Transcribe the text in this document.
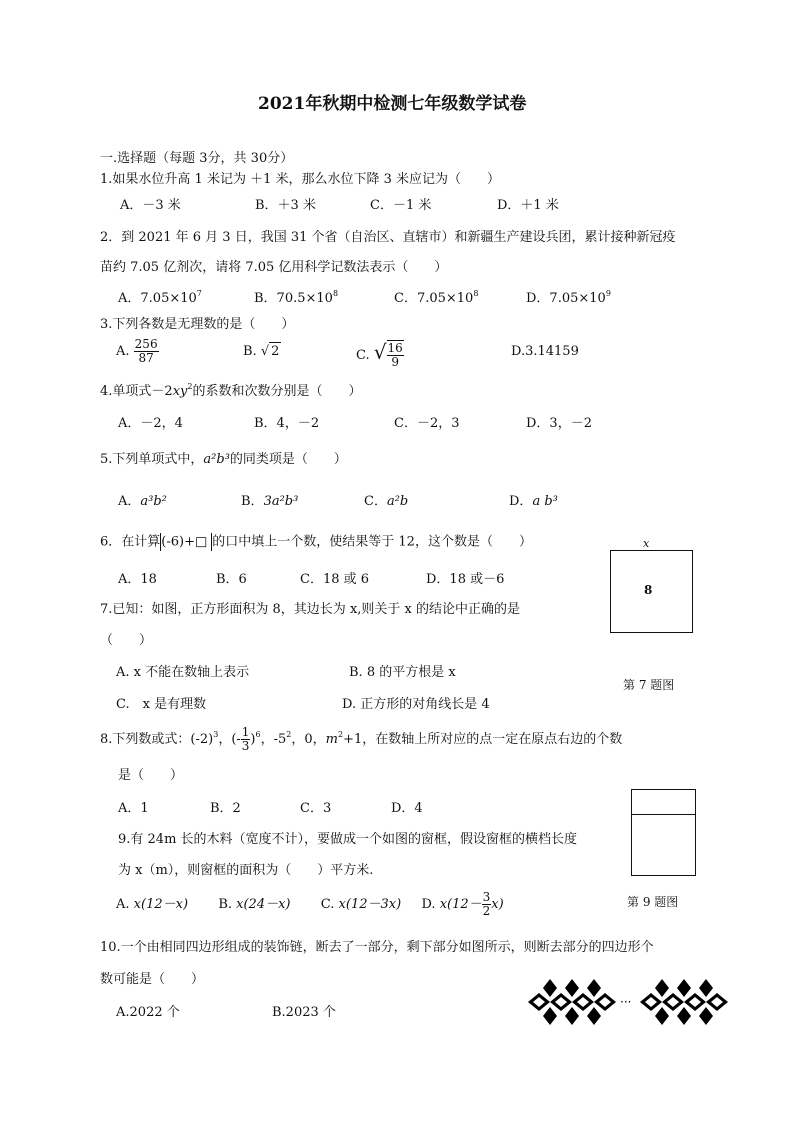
2021年秋期中检测七年级数学试卷
一.选择题（每题 3分，共 30分）
1.如果水位升高 1 米记为 ＋1 米，那么水位下降 3 米应记为（　　）
A．－3 米	B．＋3 米	C．－1 米	D．＋1 米
2．到 2021 年 6 月 3 日，我国 31 个省（自治区、直辖市）和新疆生产建设兵团，累计接种新冠疫
苗约 7.05 亿剂次，请将 7.05 亿用科学记数法表示（　　）
A．$7.05\times 10^7$	B．$70.5\times 10^8$	C．$7.05\times 10^8$	D．$7.05\times 10^9$
3.下列各数是无理数的是（　　）
A. $\frac{256}{87}$	B. √ 2	C. √ $\frac{16}{9}$	D.3.14159
4.单项式$-2xy^2$的系数和次数分别是（　　）
A．－2，4	B．4，－2	C．－2，3	D．3，－2
5.下列单项式中，a²b³的同类项是（　　）
A．a³b²	B．3a²b³	C．a²b	D．a b³
6．在计算(-6)+□ 的口中填上一个数，使结果等于 12，这个数是（　　）
A．18	B．6	C．18 或 6	D．18 或－6
x
8
第 7 题图
7.已知：如图，正方形面积为 8，其边长为 x,则关于 x 的结论中正确的是
（　　）
A. x 不能在数轴上表示	B. 8 的平方根是 x
C.　x 是有理数	D. 正方形的对角线长是 4
8.下列数或式：$(-2)^3$，(- $\frac{1}{3} )^6$，$-5^2$，0，$m^2+1$，在数轴上所对应的点一定在原点右边的个数
是（　　）
A．1	B．2	C．3	D．4
第 9 题图
9.有 24m 长的木料（宽度不计），要做成一个如图的窗框，假设窗框的横档长度
为 x（m），则窗框的面积为（　　）平方米.
A. x(12－x) B. x(24－x) C. x(12－3x) D. $x(12- \frac{3}{2} x)$
10.一个由相同四边形组成的装饰链，断去了一部分，剩下部分如图所示，则断去部分的四边形个
数可能是（　　）
A.2022 个	B.2023 个
···
